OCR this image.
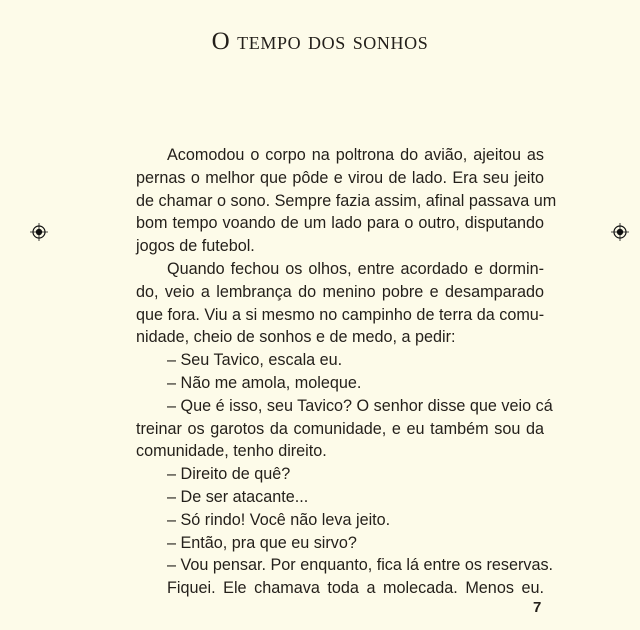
O tempo dos sonhos
Acomodou o corpo na poltrona do avião, ajeitou as
pernas o melhor que pôde e virou de lado. Era seu jeito
de chamar o sono. Sempre fazia assim, afinal passava um
bom tempo voando de um lado para o outro, disputando
jogos de futebol.
Quando fechou os olhos, entre acordado e dormin-
do, veio a lembrança do menino pobre e desamparado
que fora. Viu a si mesmo no campinho de terra da comu-
nidade, cheio de sonhos e de medo, a pedir:
– Seu Tavico, escala eu.
– Não me amola, moleque.
– Que é isso, seu Tavico? O senhor disse que veio cá
treinar os garotos da comunidade, e eu também sou da
comunidade, tenho direito.
– Direito de quê?
– De ser atacante...
– Só rindo! Você não leva jeito.
– Então, pra que eu sirvo?
– Vou pensar. Por enquanto, fica lá entre os reservas.
Fiquei. Ele chamava toda a molecada. Menos eu.
7
